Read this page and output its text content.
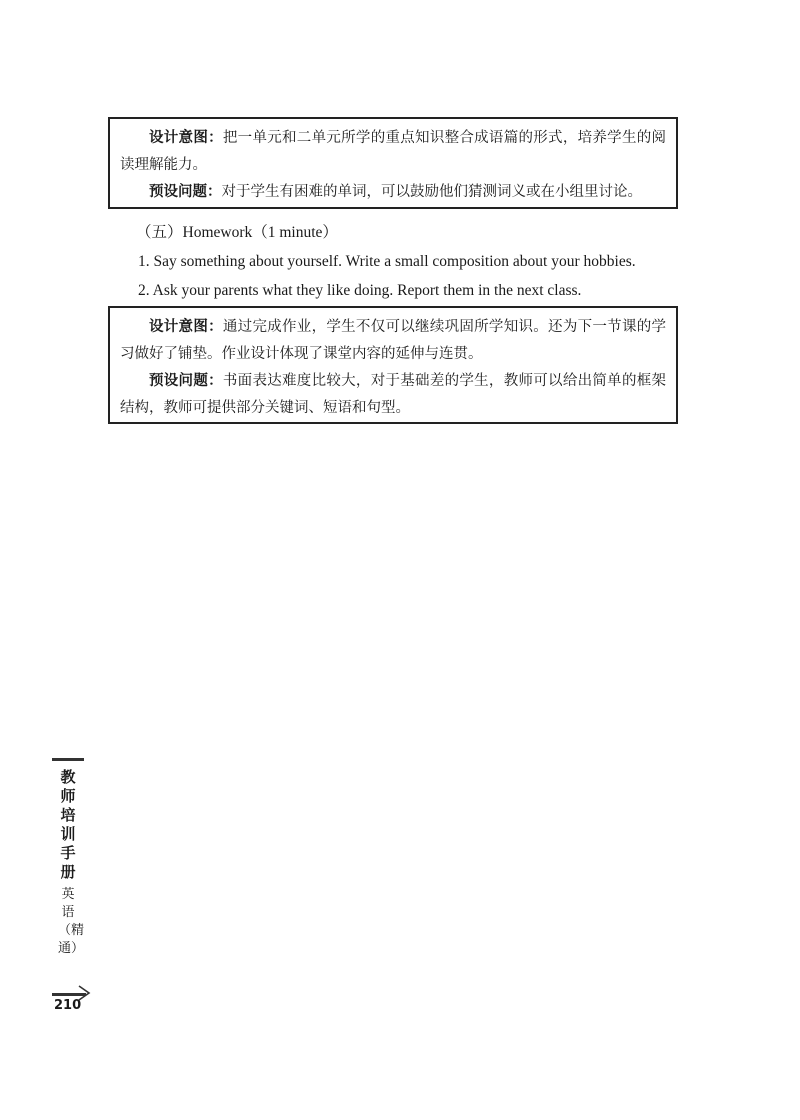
设计意图：把一单元和二单元所学的重点知识整合成语篇的形式，培养学生的阅读理解能力。

预设问题：对于学生有困难的单词，可以鼓励他们猜测词义或在小组里讨论。

（五）Homework（1 minute）
1. Say something about yourself. Write a small composition about your hobbies.
2. Ask your parents what they like doing. Report them in the next class.

设计意图：通过完成作业，学生不仅可以继续巩固所学知识。还为下一节课的学习做好了铺垫。作业设计体现了课堂内容的延伸与连贯。

预设问题：书面表达难度比较大，对于基础差的学生，教师可以给出简单的框架结构，教师可提供部分关键词、短语和句型。

教师培训手册
英语（精通）
210
